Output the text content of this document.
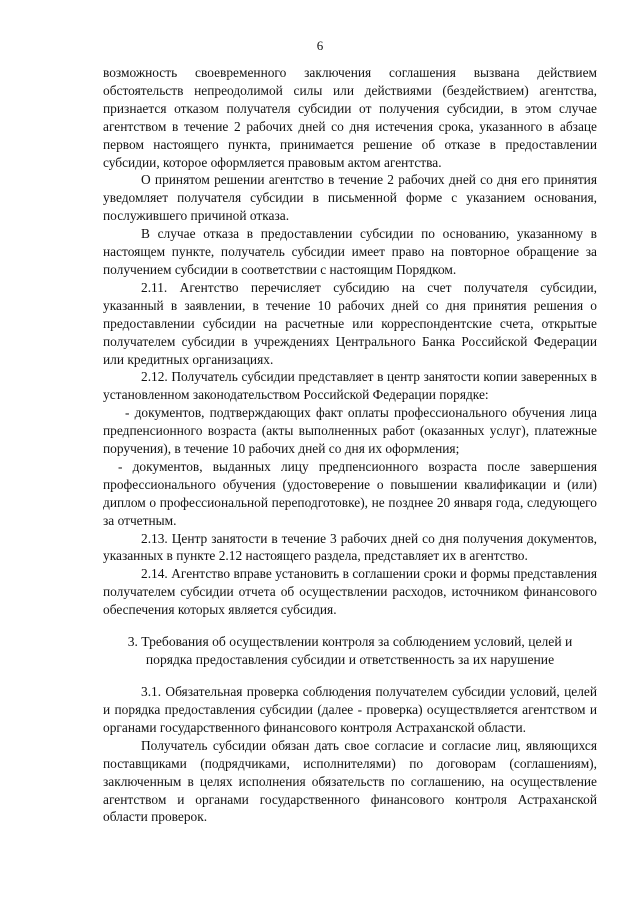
6

возможность своевременного заключения соглашения вызвана действием обстоятельств непреодолимой силы или действиями (бездействием) агентства, признается отказом получателя субсидии от получения субсидии, в этом случае агентством в течение 2 рабочих дней со дня истечения срока, указанного в абзаце первом настоящего пункта, принимается решение об отказе в предоставлении субсидии, которое оформляется правовым актом агентства.

О принятом решении агентство в течение 2 рабочих дней со дня его принятия уведомляет получателя субсидии в письменной форме с указанием основания, послужившего причиной отказа.

В случае отказа в предоставлении субсидии по основанию, указанному в настоящем пункте, получатель субсидии имеет право на повторное обращение за получением субсидии в соответствии с настоящим Порядком.

2.11. Агентство перечисляет субсидию на счет получателя субсидии, указанный в заявлении, в течение 10 рабочих дней со дня принятия решения о предоставлении субсидии на расчетные или корреспондентские счета, открытые получателем субсидии в учреждениях Центрального Банка Российской Федерации или кредитных организациях.

2.12. Получатель субсидии представляет в центр занятости копии заверенных в установленном законодательством Российской Федерации порядке:

- документов, подтверждающих факт оплаты профессионального обучения лица предпенсионного возраста (акты выполненных работ (оказанных услуг), платежные поручения), в течение 10 рабочих дней со дня их оформления;

- документов, выданных лицу предпенсионного возраста после завершения профессионального обучения (удостоверение о повышении квалификации и (или) диплом о профессиональной переподготовке), не позднее 20 января года, следующего за отчетным.

2.13. Центр занятости в течение 3 рабочих дней со дня получения документов, указанных в пункте 2.12 настоящего раздела, представляет их в агентство.

2.14. Агентство вправе установить в соглашении сроки и формы представления получателем субсидии отчета об осуществлении расходов, источником финансового обеспечения которых является субсидия.

3. Требования об осуществлении контроля за соблюдением условий, целей и порядка предоставления субсидии и ответственность за их нарушение

3.1. Обязательная проверка соблюдения получателем субсидии условий, целей и порядка предоставления субсидии (далее - проверка) осуществляется агентством и органами государственного финансового контроля Астраханской области.

Получатель субсидии обязан дать свое согласие и согласие лиц, являющихся поставщиками (подрядчиками, исполнителями) по договорам (соглашениям), заключенным в целях исполнения обязательств по соглашению, на осуществление агентством и органами государственного финансового контроля Астраханской области проверок.
